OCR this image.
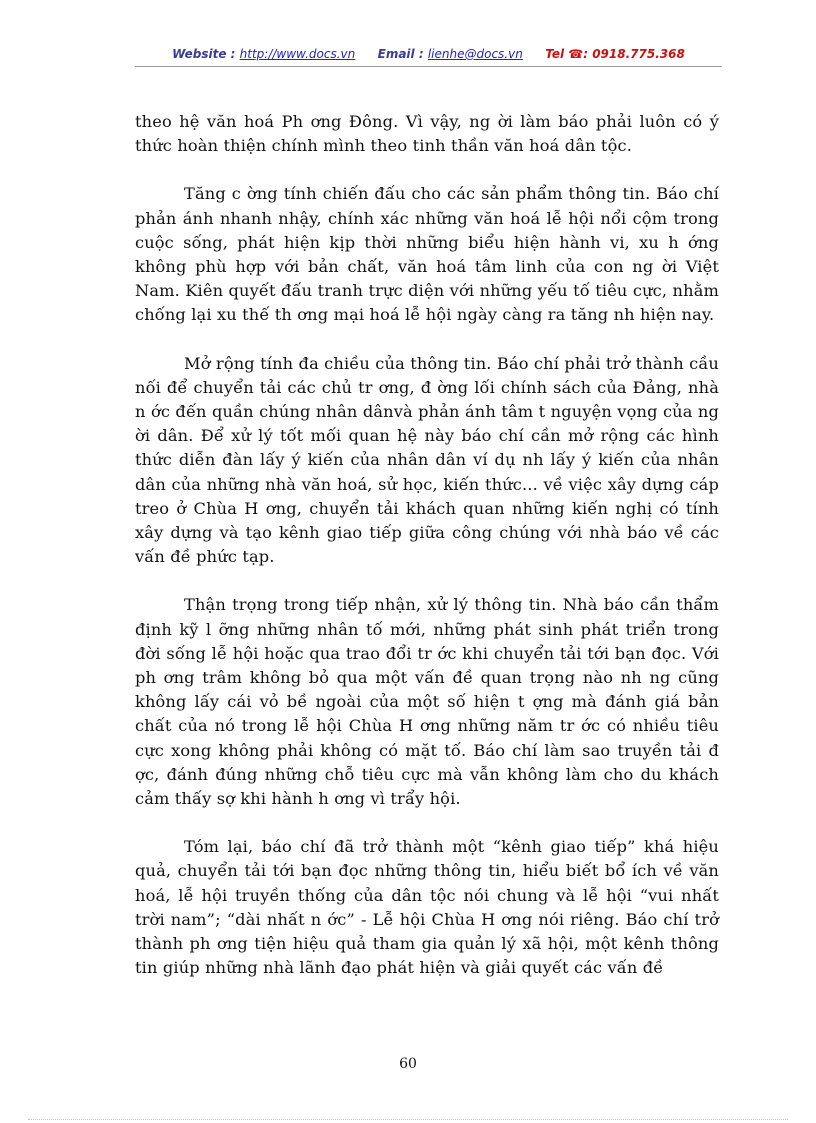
Website : http://www.docs.vn Email : lienhe@docs.vn Tel ☎: 0918.775.368

theo hệ văn hoá Ph ơng Đông. Vì vậy, ng ời làm báo phải luôn có ý thức hoàn thiện chính mình theo tinh thần văn hoá dân tộc.

Tăng c ờng tính chiến đấu cho các sản phẩm thông tin. Báo chí phản ánh nhanh nhậy, chính xác những văn hoá lễ hội nổi cộm trong cuộc sống, phát hiện kịp thời những biểu hiện hành vi, xu h ớng không phù hợp với bản chất, văn hoá tâm linh của con ng ời Việt Nam. Kiên quyết đấu tranh trực diện với những yếu tố tiêu cực, nhằm chống lại xu thế th ơng mại hoá lễ hội ngày càng ra tăng nh hiện nay.

Mở rộng tính đa chiều của thông tin. Báo chí phải trở thành cầu nối để chuyển tải các chủ tr ơng, đ ờng lối chính sách của Đảng, nhà n ớc đến quần chúng nhân dânvà phản ánh tâm t nguyện vọng của ng ời dân. Để xử lý tốt mối quan hệ này báo chí cần mở rộng các hình thức diễn đàn lấy ý kiến của nhân dân ví dụ nh lấy ý kiến của nhân dân của những nhà văn hoá, sử học, kiến thức... về việc xây dựng cáp treo ở Chùa H ơng, chuyển tải khách quan những kiến nghị có tính xây dựng và tạo kênh giao tiếp giữa công chúng với nhà báo về các vấn đề phức tạp.

Thận trọng trong tiếp nhận, xử lý thông tin. Nhà báo cần thẩm định kỹ l ỡng những nhân tố mới, những phát sinh phát triển trong đời sống lễ hội hoặc qua trao đổi tr ớc khi chuyển tải tới bạn đọc. Với ph ơng trâm không bỏ qua một vấn đề quan trọng nào nh ng cũng không lấy cái vỏ bề ngoài của một số hiện t ợng mà đánh giá bản chất của nó trong lễ hội Chùa H ơng những năm tr ớc có nhiều tiêu cực xong không phải không có mặt tố. Báo chí làm sao truyền tải đ ợc, đánh đúng những chỗ tiêu cực mà vẫn không làm cho du khách cảm thấy sợ khi hành h ơng vì trẩy hội.

Tóm lại, báo chí đã trở thành một “kênh giao tiếp” khá hiệu quả, chuyển tải tới bạn đọc những thông tin, hiểu biết bổ ích về văn hoá, lễ hội truyền thống của dân tộc nói chung và lễ hội “vui nhất trời nam”; “dài nhất n ớc” - Lễ hội Chùa H ơng nói riêng. Báo chí trở thành ph ơng tiện hiệu quả tham gia quản lý xã hội, một kênh thông tin giúp những nhà lãnh đạo phát hiện và giải quyết các vấn đề

60
